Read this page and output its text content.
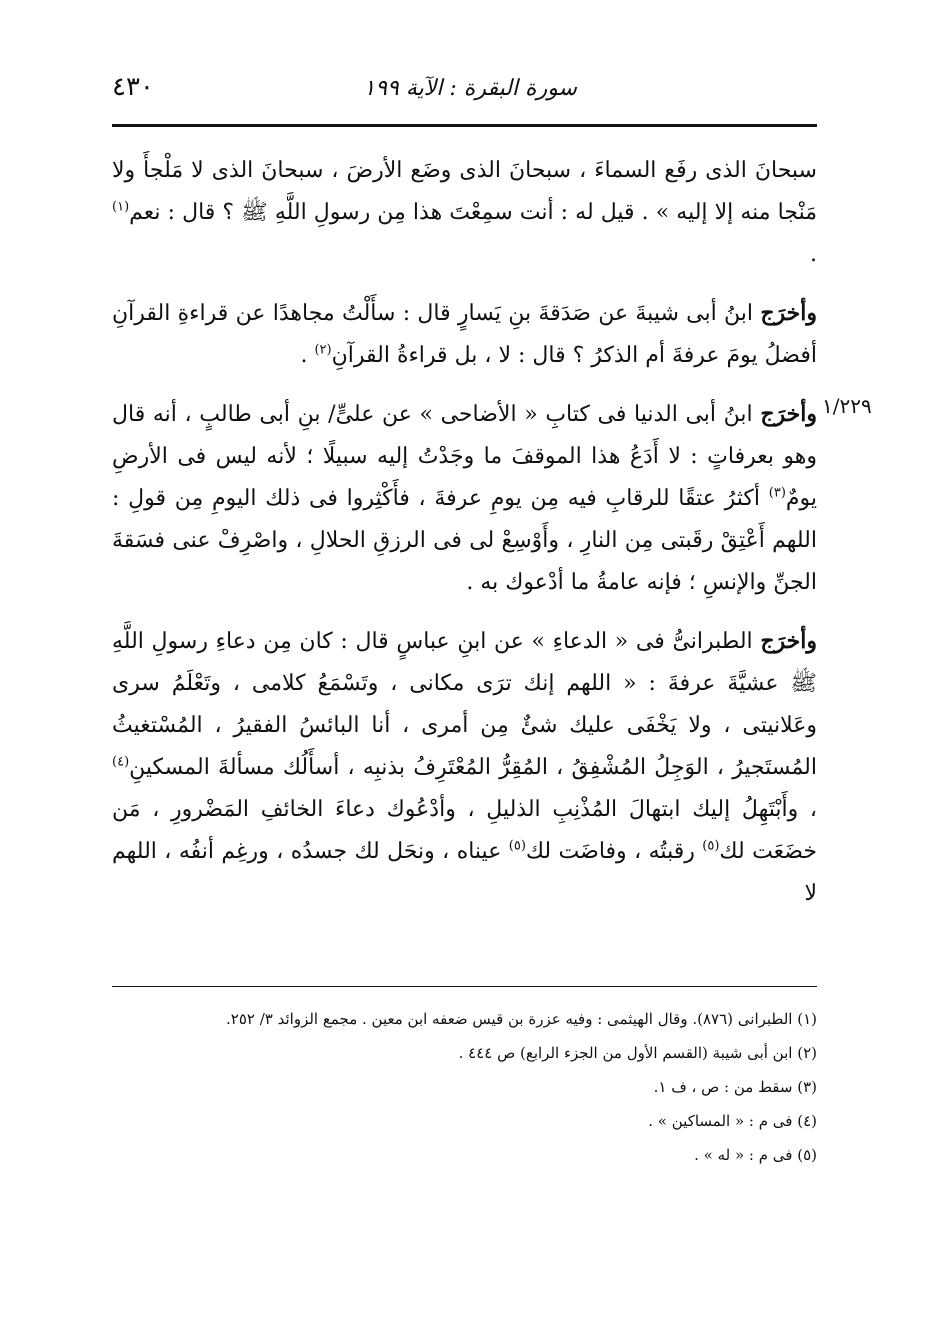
٤٣٠	سورة البقرة : الآية ١٩٩
١/٢٢٩

سبحانَ الذى رفَع السماءَ ، سبحانَ الذى وضَع الأرضَ ، سبحانَ الذى لا مَلْجأَ ولا مَنْجا منه إلا إليه » . قيل له : أنت سمِعْتَ هذا مِن رسولِ اللَّهِ ﷺ ؟ قال : نعم$^{(١)}$ .

وأخرَج ابنُ أبى شيبةَ عن صَدَقةَ بنِ يَسارٍ قال : سأَلْتُ مجاهدًا عن قراءةِ القرآنِ أفضلُ يومَ عرفةَ أم الذكرُ ؟ قال : لا ، بل قراءةُ القرآنِ$^{(٢)}$ .

وأخرَج ابنُ أبى الدنيا فى كتابِ « الأضاحى » عن علىٍّ/ بنِ أبى طالبٍ ، أنه قال وهو بعرفاتٍ : لا أَدَعُ هذا الموقفَ ما وجَدْتُ إليه سبيلًا ؛ لأنه ليس فى الأرضِ يومٌ$^{(٣)}$ أكثرُ عتقًا للرقابِ فيه مِن يومِ عرفةَ ، فأَكْثِروا فى ذلك اليومِ مِن قولِ : اللهم أَعْتِقْ رقَبتى مِن النارِ ، وأَوْسِعْ لى فى الرزقِ الحلالِ ، واصْرِفْ عنى فسَقةَ الجنِّ والإنسِ ؛ فإنه عامةُ ما أدْعوك به .

وأخرَج الطبرانىُّ فى « الدعاءِ » عن ابنِ عباسٍ قال : كان مِن دعاءِ رسولِ اللَّهِ ﷺ عشيَّةَ عرفةَ : « اللهم إنك ترَى مكانى ، وتَسْمَعُ كلامى ، وتَعْلَمُ سرى وعَلانيتى ، ولا يَخْفَى عليك شئٌ مِن أمرى ، أنا البائسُ الفقيرُ ، المُسْتغيثُ المُستَجيرُ ، الوَجِلُ المُشْفِقُ ، المُقِرُّ المُعْتَرِفُ بذنبِه ، أسأَلُك مسألةَ المسكينِ$^{(٤)}$ ، وأَبْتَهِلُ إليك ابتهالَ المُذْنِبِ الذليلِ ، وأدْعُوك دعاءَ الخائفِ المَضْرورِ ، مَن خضَعَت لك$^{(٥)}$ رقبتُه ، وفاضَت لك$^{(٥)}$ عيناه ، ونحَل لك جسدُه ، ورغِم أنفُه ، اللهم لا

(١) الطبرانى (٨٧٦). وقال الهيثمى : وفيه عزرة بن قيس ضعفه ابن معين . مجمع الزوائد ٣/ ٢٥٢.

(٢) ابن أبى شيبة (القسم الأول من الجزء الرابع) ص ٤٤٤ .

(٣) سقط من : ص ، ف ١.

(٤) فى م : « المساكين » .

(٥) فى م : « له » .
